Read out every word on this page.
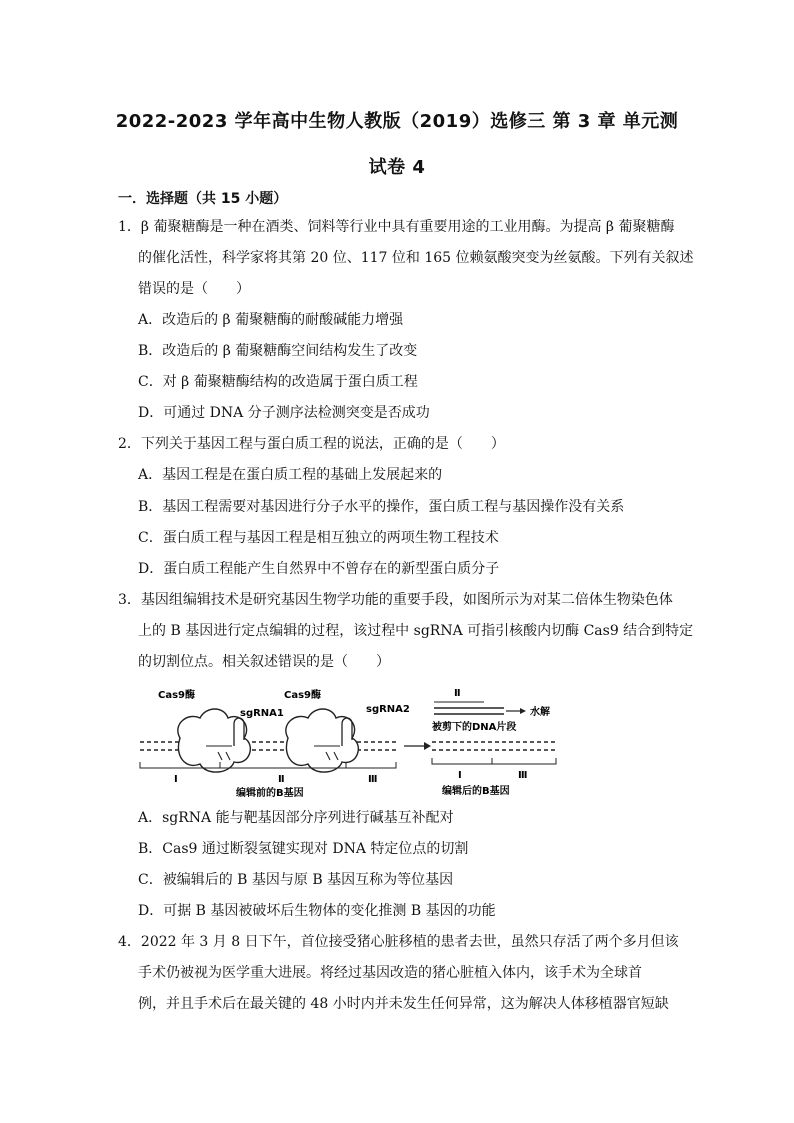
2022-2023 学年高中生物人教版（2019）选修三 第 3 章 单元测
试卷 4
一．选择题（共 15 小题）
1．β 葡聚糖酶是一种在酒类、饲料等行业中具有重要用途的工业用酶。为提高 β 葡聚糖酶
的催化活性，科学家将其第 20 位、117 位和 165 位赖氨酸突变为丝氨酸。下列有关叙述
错误的是（　　）
A．改造后的 β 葡聚糖酶的耐酸碱能力增强
B．改造后的 β 葡聚糖酶空间结构发生了改变
C．对 β 葡聚糖酶结构的改造属于蛋白质工程
D．可通过 DNA 分子测序法检测突变是否成功
2．下列关于基因工程与蛋白质工程的说法，正确的是（　　）
A．基因工程是在蛋白质工程的基础上发展起来的
B．基因工程需要对基因进行分子水平的操作，蛋白质工程与基因操作没有关系
C．蛋白质工程与基因工程是相互独立的两项生物工程技术
D．蛋白质工程能产生自然界中不曾存在的新型蛋白质分子
3．基因组编辑技术是研究基因生物学功能的重要手段，如图所示为对某二倍体生物染色体
上的 B 基因进行定点编辑的过程，该过程中 sgRNA 可指引核酸内切酶 Cas9 结合到特定
的切割位点。相关叙述错误的是（　　）
Cas9酶	Cas9酶
sgRNA1	sgRNA2
Ⅰ	Ⅱ	Ⅲ
编辑前的B基因
Ⅱ
水解
被剪下的DNA片段
Ⅰ	Ⅲ
编辑后的B基因
A．sgRNA 能与靶基因部分序列进行碱基互补配对
B．Cas9 通过断裂氢键实现对 DNA 特定位点的切割
C．被编辑后的 B 基因与原 B 基因互称为等位基因
D．可据 B 基因被破坏后生物体的变化推测 B 基因的功能
4．2022 年 3 月 8 日下午，首位接受猪心脏移植的患者去世，虽然只存活了两个多月但该
手术仍被视为医学重大进展。将经过基因改造的猪心脏植入体内，该手术为全球首
例，并且手术后在最关键的 48 小时内并未发生任何异常，这为解决人体移植器官短缺
